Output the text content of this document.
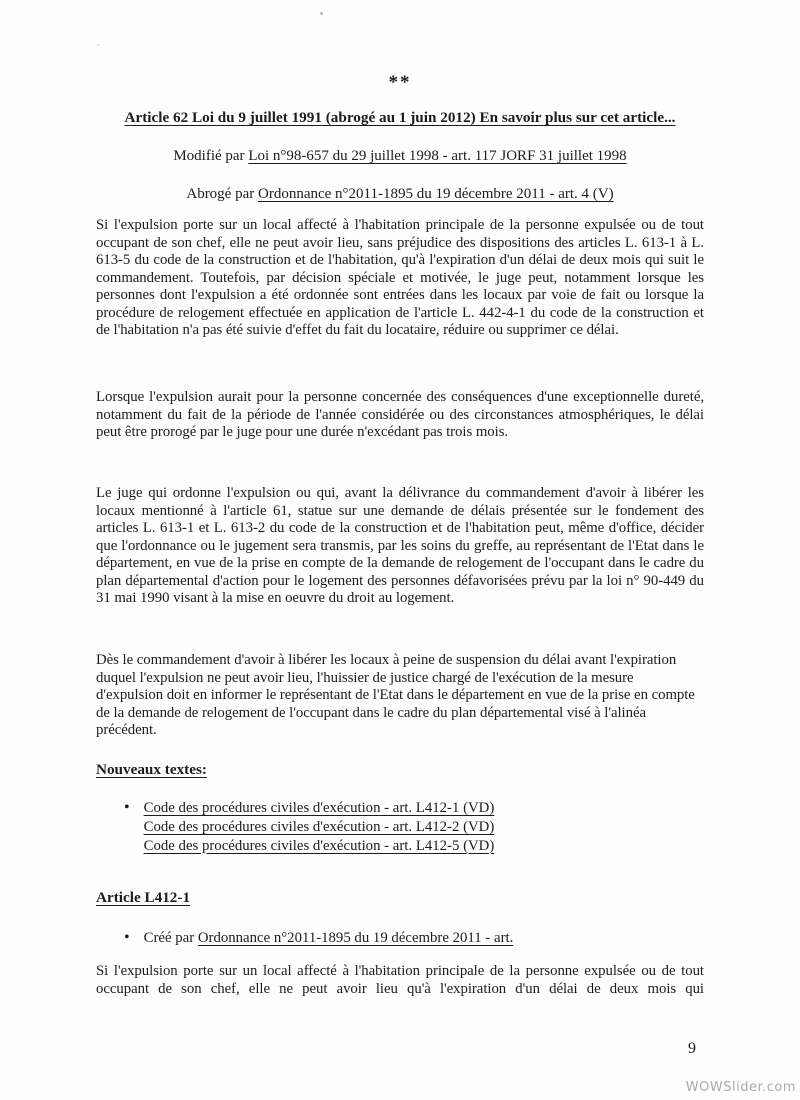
**
Article 62 Loi du 9 juillet 1991 (abrogé au 1 juin 2012) En savoir plus sur cet article...
Modifié par Loi n°98-657 du 29 juillet 1998 - art. 117 JORF 31 juillet 1998
Abrogé par Ordonnance n°2011-1895 du 19 décembre 2011 - art. 4 (V)
Si l'expulsion porte sur un local affecté à l'habitation principale de la personne expulsée ou de tout occupant de son chef, elle ne peut avoir lieu, sans préjudice des dispositions des articles L. 613-1 à L. 613-5 du code de la construction et de l'habitation, qu'à l'expiration d'un délai de deux mois qui suit le commandement. Toutefois, par décision spéciale et motivée, le juge peut, notamment lorsque les personnes dont l'expulsion a été ordonnée sont entrées dans les locaux par voie de fait ou lorsque la procédure de relogement effectuée en application de l'article L. 442-4-1 du code de la construction et de l'habitation n'a pas été suivie d'effet du fait du locataire, réduire ou supprimer ce délai.
Lorsque l'expulsion aurait pour la personne concernée des conséquences d'une exceptionnelle dureté, notamment du fait de la période de l'année considérée ou des circonstances atmosphériques, le délai peut être prorogé par le juge pour une durée n'excédant pas trois mois.
Le juge qui ordonne l'expulsion ou qui, avant la délivrance du commandement d'avoir à libérer les locaux mentionné à l'article 61, statue sur une demande de délais présentée sur le fondement des articles L. 613-1 et L. 613-2 du code de la construction et de l'habitation peut, même d'office, décider que l'ordonnance ou le jugement sera transmis, par les soins du greffe, au représentant de l'Etat dans le département, en vue de la prise en compte de la demande de relogement de l'occupant dans le cadre du plan départemental d'action pour le logement des personnes défavorisées prévu par la loi n° 90-449 du 31 mai 1990 visant à la mise en oeuvre du droit au logement.
Dès le commandement d'avoir à libérer les locaux à peine de suspension du délai avant l'expiration duquel l'expulsion ne peut avoir lieu, l'huissier de justice chargé de l'exécution de la mesure d'expulsion doit en informer le représentant de l'Etat dans le département en vue de la prise en compte de la demande de relogement de l'occupant dans le cadre du plan départemental visé à l'alinéa précédent.
Nouveaux textes:
• Code des procédures civiles d'exécution - art. L412-1 (VD)
Code des procédures civiles d'exécution - art. L412-2 (VD)
Code des procédures civiles d'exécution - art. L412-5 (VD)
Article L412-1
• Créé par Ordonnance n°2011-1895 du 19 décembre 2011 - art.
Si l'expulsion porte sur un local affecté à l'habitation principale de la personne expulsée ou de tout occupant de son chef, elle ne peut avoir lieu qu'à l'expiration d'un délai de deux mois qui
9
WOWSlider.com
